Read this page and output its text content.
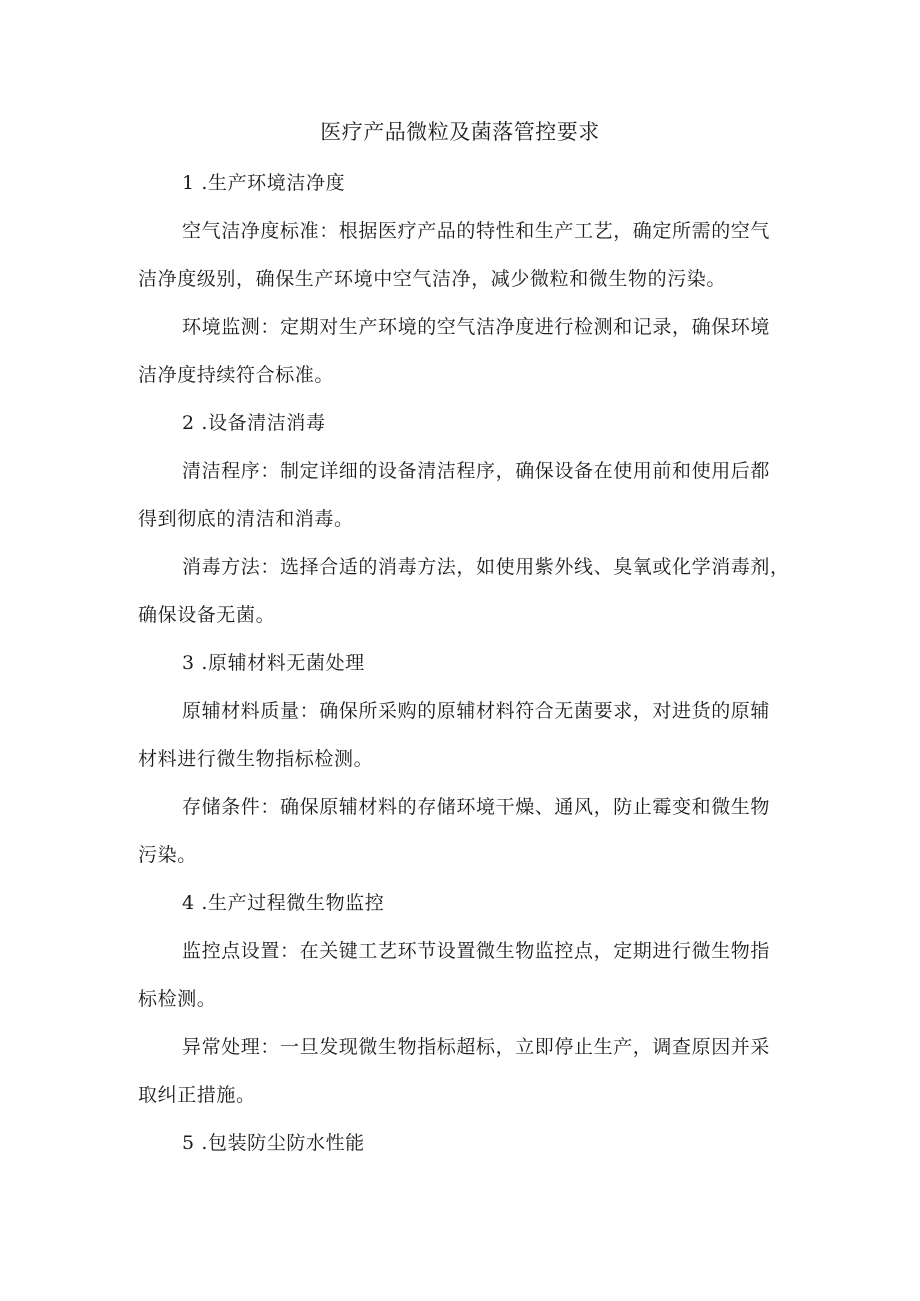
医疗产品微粒及菌落管控要求
1 .生产环境洁净度
空气洁净度标准：根据医疗产品的特性和生产工艺，确定所需的空气
洁净度级别，确保生产环境中空气洁净，减少微粒和微生物的污染。
环境监测：定期对生产环境的空气洁净度进行检测和记录，确保环境
洁净度持续符合标准。
2 .设备清洁消毒
清洁程序：制定详细的设备清洁程序，确保设备在使用前和使用后都
得到彻底的清洁和消毒。
消毒方法：选择合适的消毒方法，如使用紫外线、臭氧或化学消毒剂，
确保设备无菌。
3 .原辅材料无菌处理
原辅材料质量：确保所采购的原辅材料符合无菌要求，对进货的原辅
材料进行微生物指标检测。
存储条件：确保原辅材料的存储环境干燥、通风，防止霉变和微生物
污染。
4 .生产过程微生物监控
监控点设置：在关键工艺环节设置微生物监控点，定期进行微生物指
标检测。
异常处理：一旦发现微生物指标超标，立即停止生产，调查原因并采
取纠正措施。
5 .包装防尘防水性能
